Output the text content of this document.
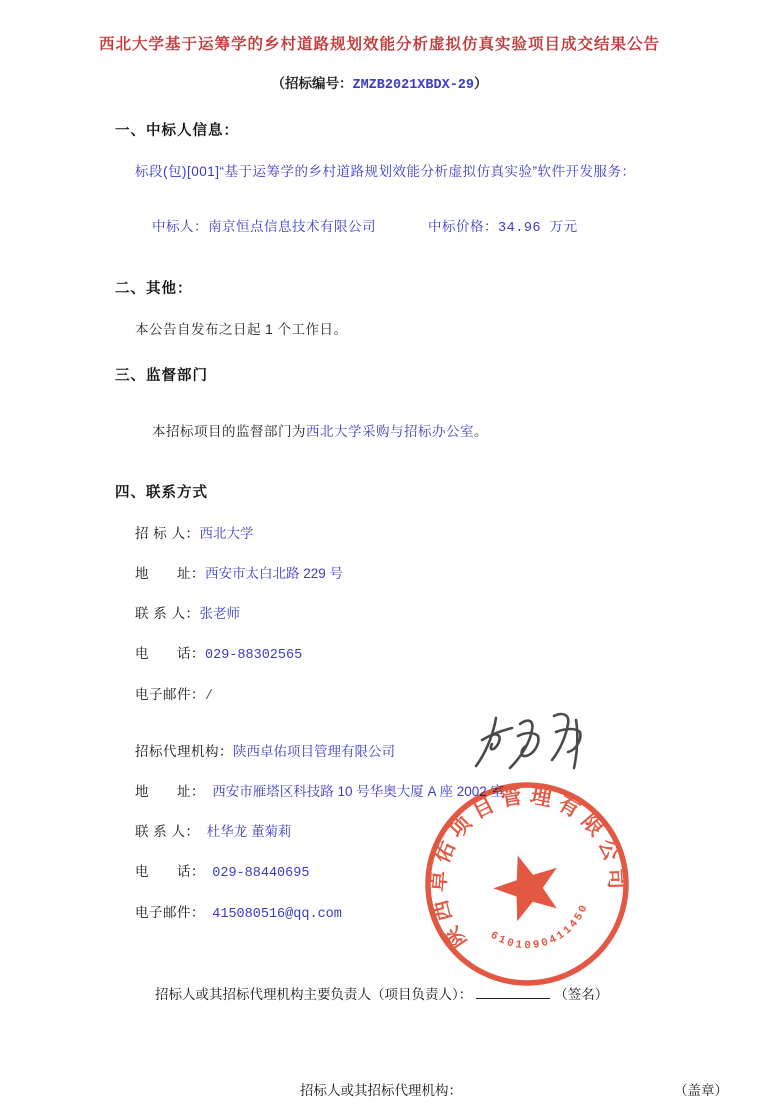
西北大学基于运筹学的乡村道路规划效能分析虚拟仿真实验项目成交结果公告
（招标编号：ZMZB2021XBDX-29）
一、中标人信息：
标段(包)[001]“基于运筹学的乡村道路规划效能分析虚拟仿真实验”软件开发服务：

中标人：南京恒点信息技术有限公司	中标价格：34.96 万元

二、其他：
本公告自发布之日起 1 个工作日。
三、监督部门

本招标项目的监督部门为西北大学采购与招标办公室。

四、联系方式
招 标 人：西北大学
地　　址：西安市太白北路 229 号
联 系 人：张老师
电　　话：029-88302565
电子邮件：/
招标代理机构：陕西卓佑项目管理有限公司
地　　址：　西安市雁塔区科技路 10 号华奥大厦 A 座 2002 室
联 系 人：　杜华龙 董菊莉
电　　话：　029-88440695
电子邮件：　415080516@qq.com

招标人或其招标代理机构主要负责人（项目负责人）：	（签名）

招标人或其招标代理机构：	（盖章）

陕西卓佑项目管理有限公司
6101090411450
